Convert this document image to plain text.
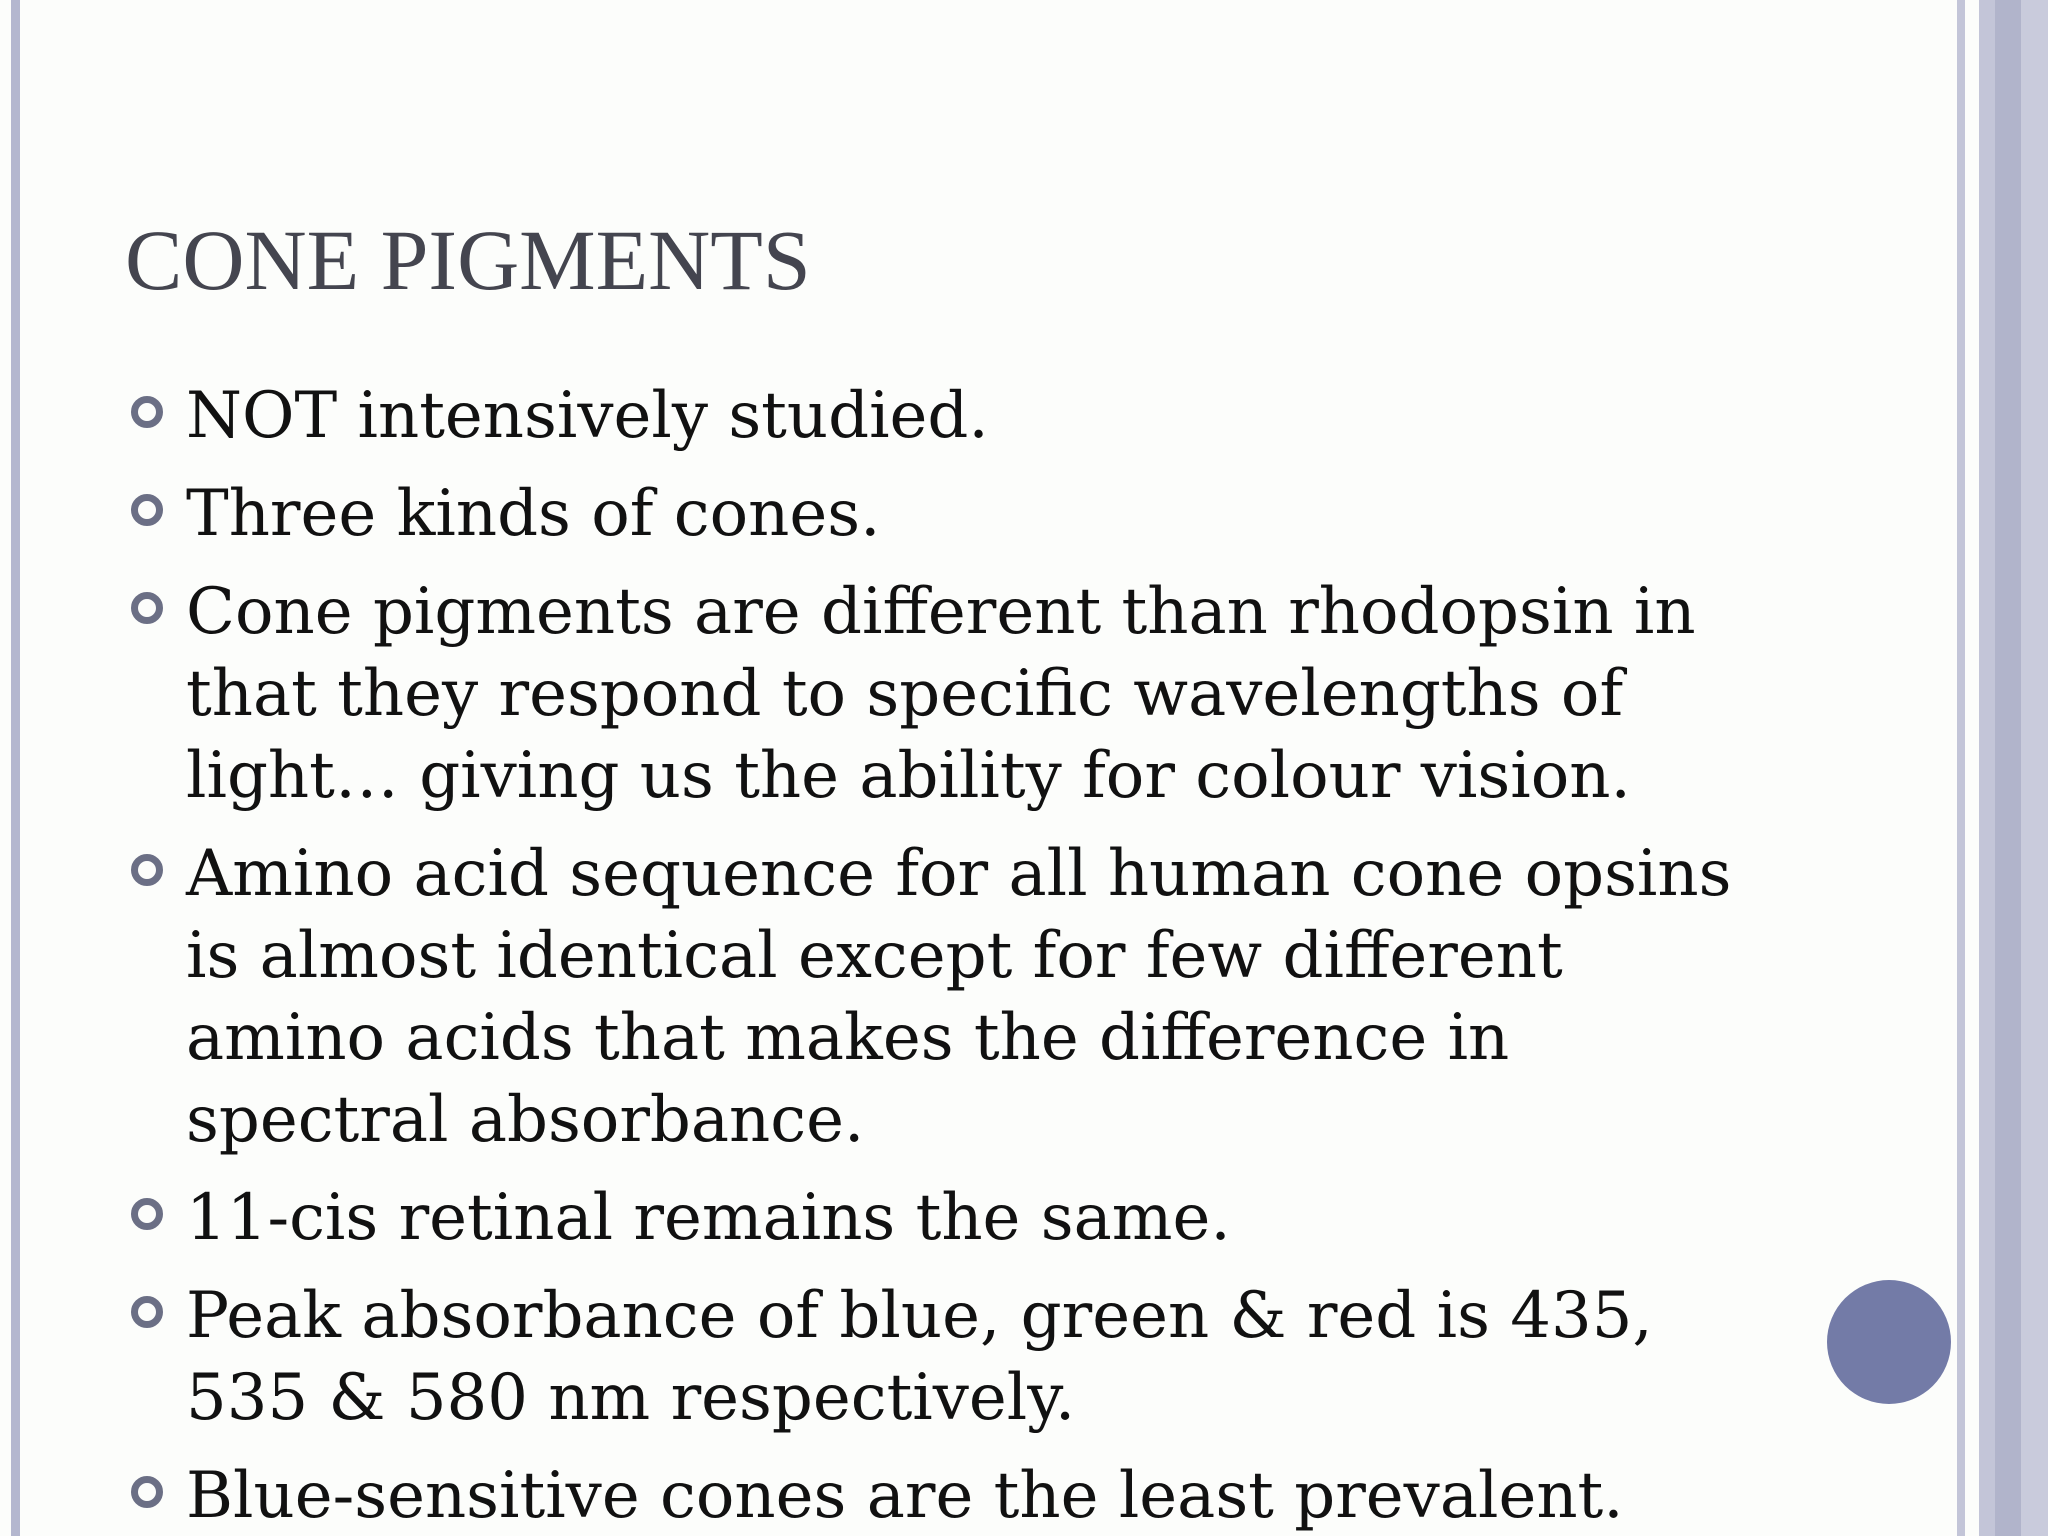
CONE PIGMENTS
NOT intensively studied.
Three kinds of cones.
Cone pigments are different than rhodopsin in that they respond to specific wavelengths of light… giving us the ability for colour vision.
Amino acid sequence for all human cone opsins is almost identical except for few different amino acids that makes the difference in spectral absorbance.
11-cis retinal remains the same.
Peak absorbance of blue, green & red is 435, 535 & 580 nm respectively.
Blue-sensitive cones are the least prevalent.
